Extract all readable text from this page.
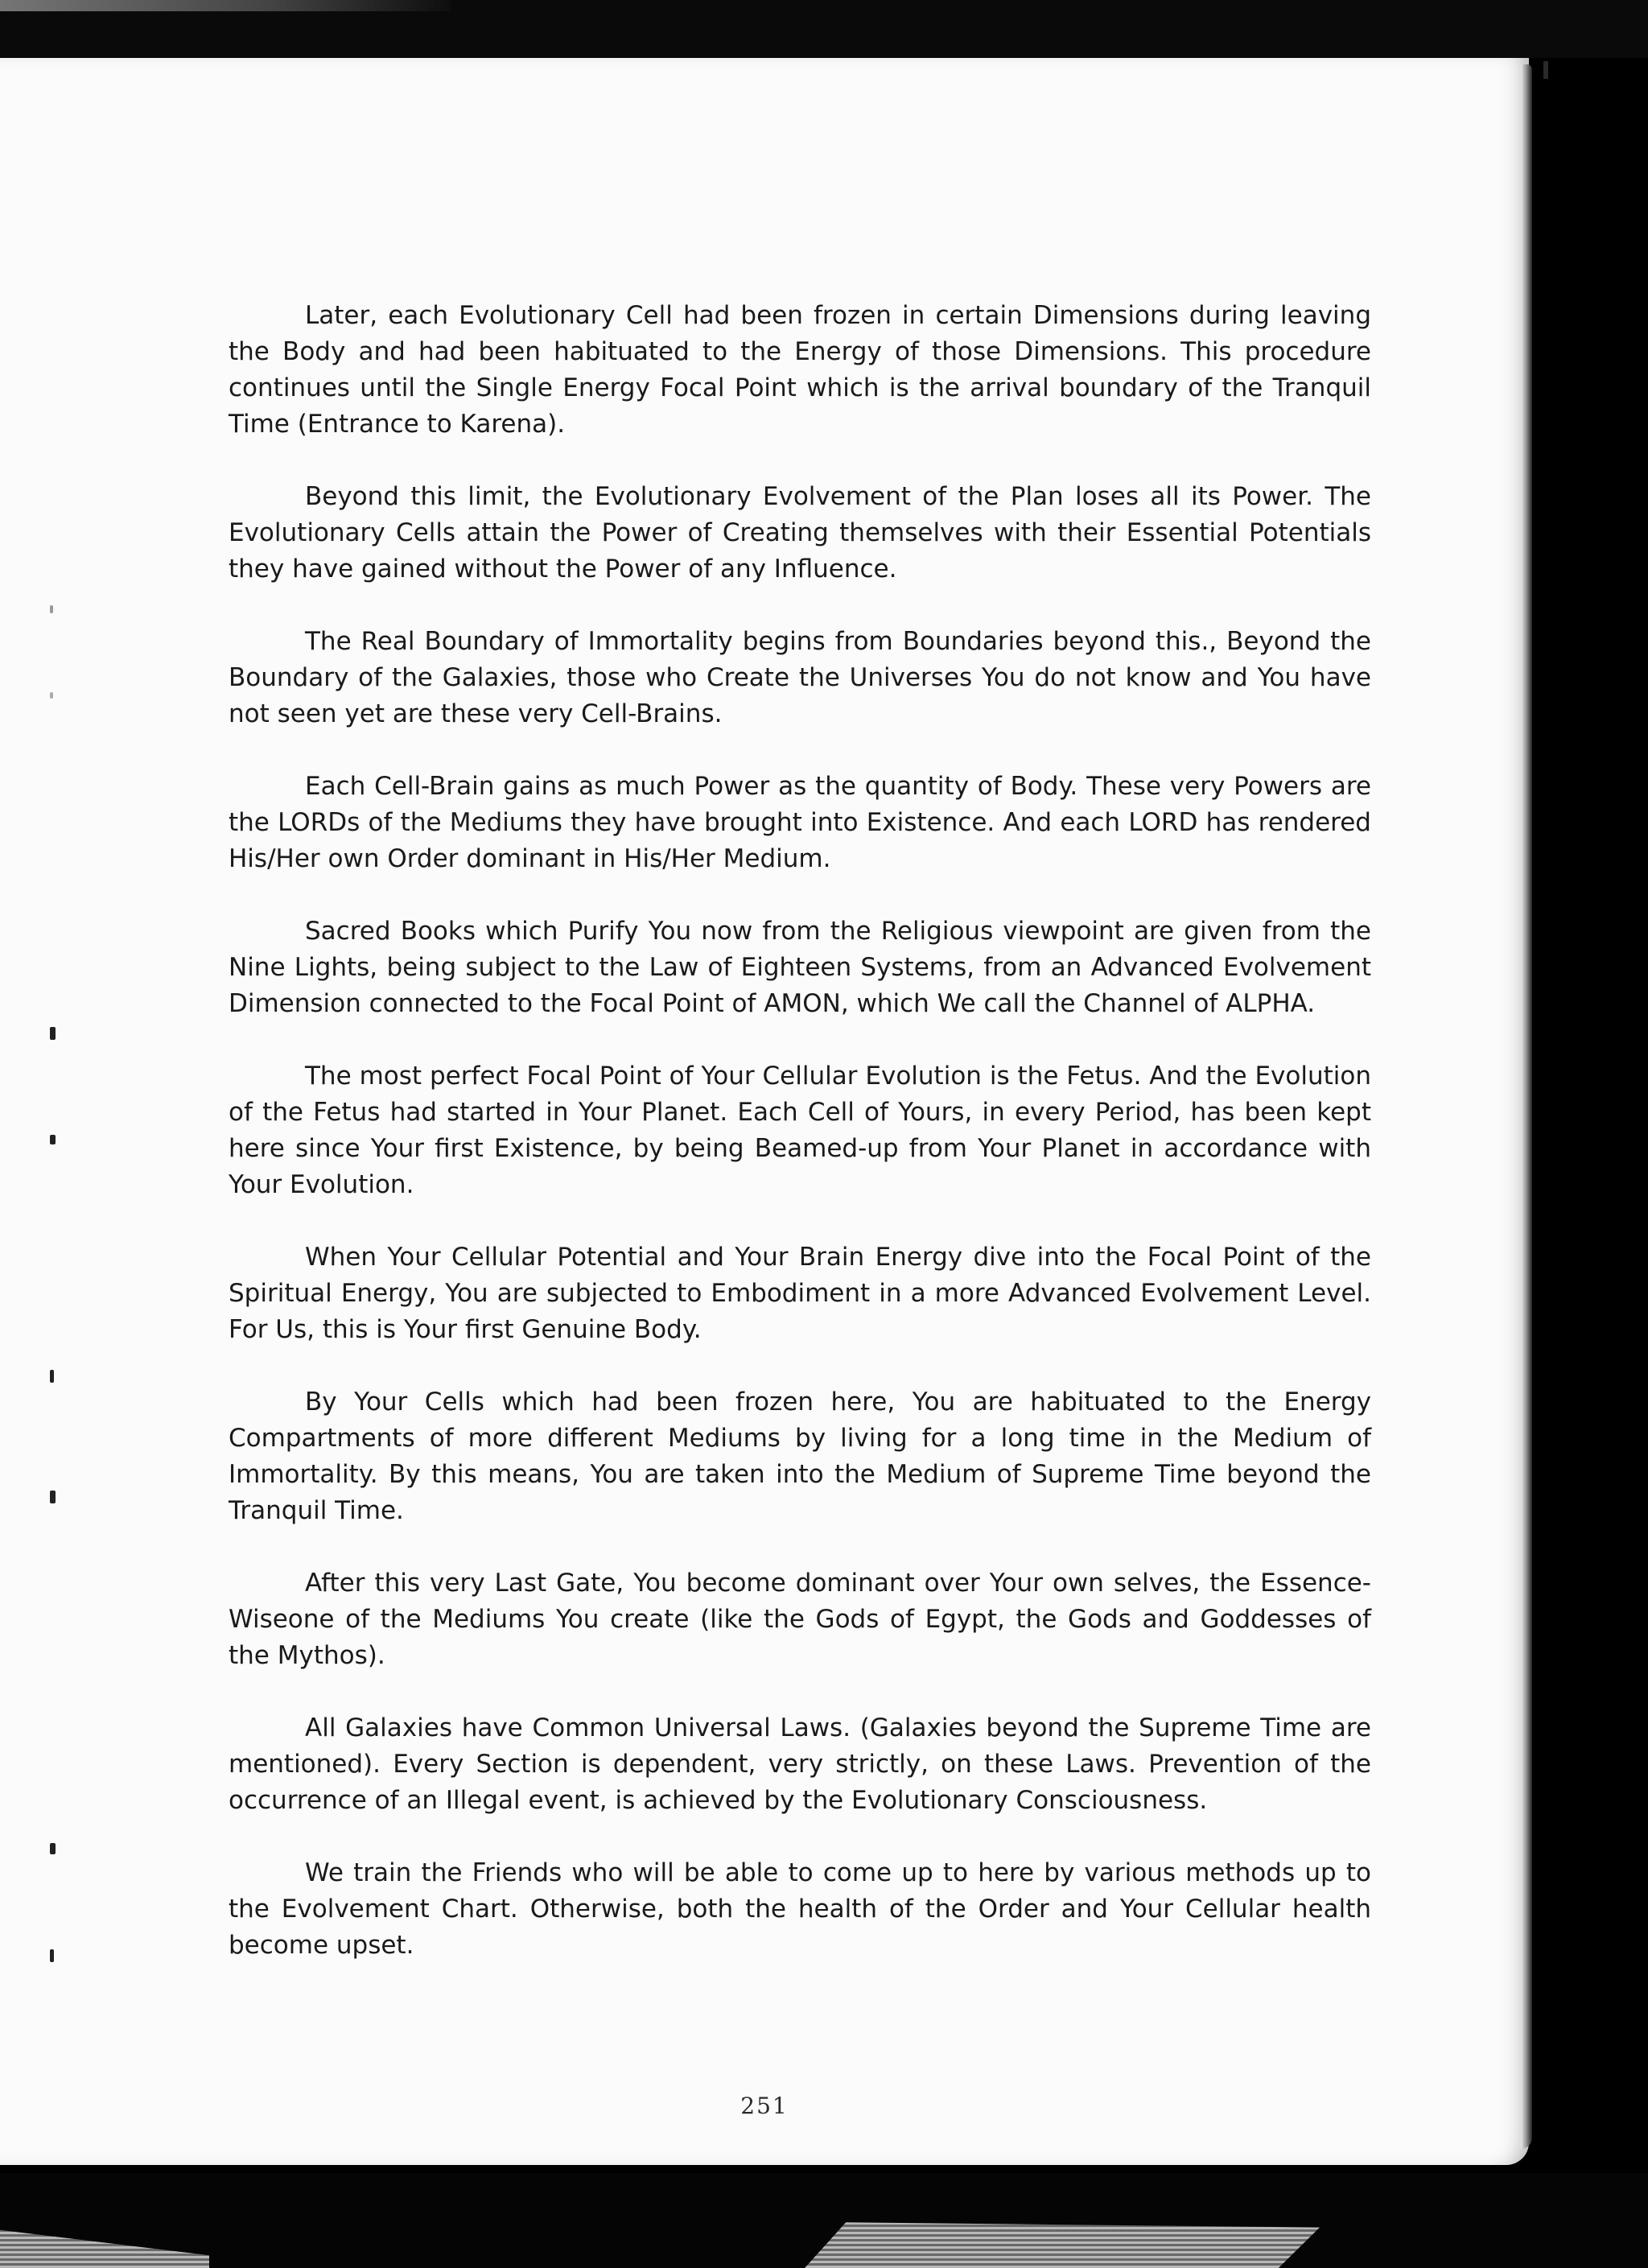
Later, each Evolutionary Cell had been frozen in certain Dimensions during leaving the Body and had been habituated to the Energy of those Dimensions. This procedure continues until the Single Energy Focal Point which is the arrival boundary of the Tranquil Time (Entrance to Karena).

Beyond this limit, the Evolutionary Evolvement of the Plan loses all its Power. The Evolutionary Cells attain the Power of Creating themselves with their Essential Potentials they have gained without the Power of any Influence.

The Real Boundary of Immortality begins from Boundaries beyond this., Beyond the Boundary of the Galaxies, those who Create the Universes You do not know and You have not seen yet are these very Cell-Brains.

Each Cell-Brain gains as much Power as the quantity of Body. These very Powers are the LORDs of the Mediums they have brought into Existence. And each LORD has rendered His/Her own Order dominant in His/Her Medium.

Sacred Books which Purify You now from the Religious viewpoint are given from the Nine Lights, being subject to the Law of Eighteen Systems, from an Advanced Evolvement Dimension connected to the Focal Point of AMON, which We call the Channel of ALPHA.

The most perfect Focal Point of Your Cellular Evolution is the Fetus. And the Evolution of the Fetus had started in Your Planet. Each Cell of Yours, in every Period, has been kept here since Your first Existence, by being Beamed-up from Your Planet in accordance with Your Evolution.

When Your Cellular Potential and Your Brain Energy dive into the Focal Point of the Spiritual Energy, You are subjected to Embodiment in a more Advanced Evolvement Level. For Us, this is Your first Genuine Body.

By Your Cells which had been frozen here, You are habituated to the Energy Compartments of more different Mediums by living for a long time in the Medium of Immortality. By this means, You are taken into the Medium of Supreme Time beyond the Tranquil Time.

After this very Last Gate, You become dominant over Your own selves, the Essence-Wiseone of the Mediums You create (like the Gods of Egypt, the Gods and Goddesses of the Mythos).

All Galaxies have Common Universal Laws. (Galaxies beyond the Supreme Time are mentioned). Every Section is dependent, very strictly, on these Laws. Prevention of the occurrence of an Illegal event, is achieved by the Evolutionary Consciousness.

We train the Friends who will be able to come up to here by various methods up to the Evolvement Chart. Otherwise, both the health of the Order and Your Cellular health become upset.

251
